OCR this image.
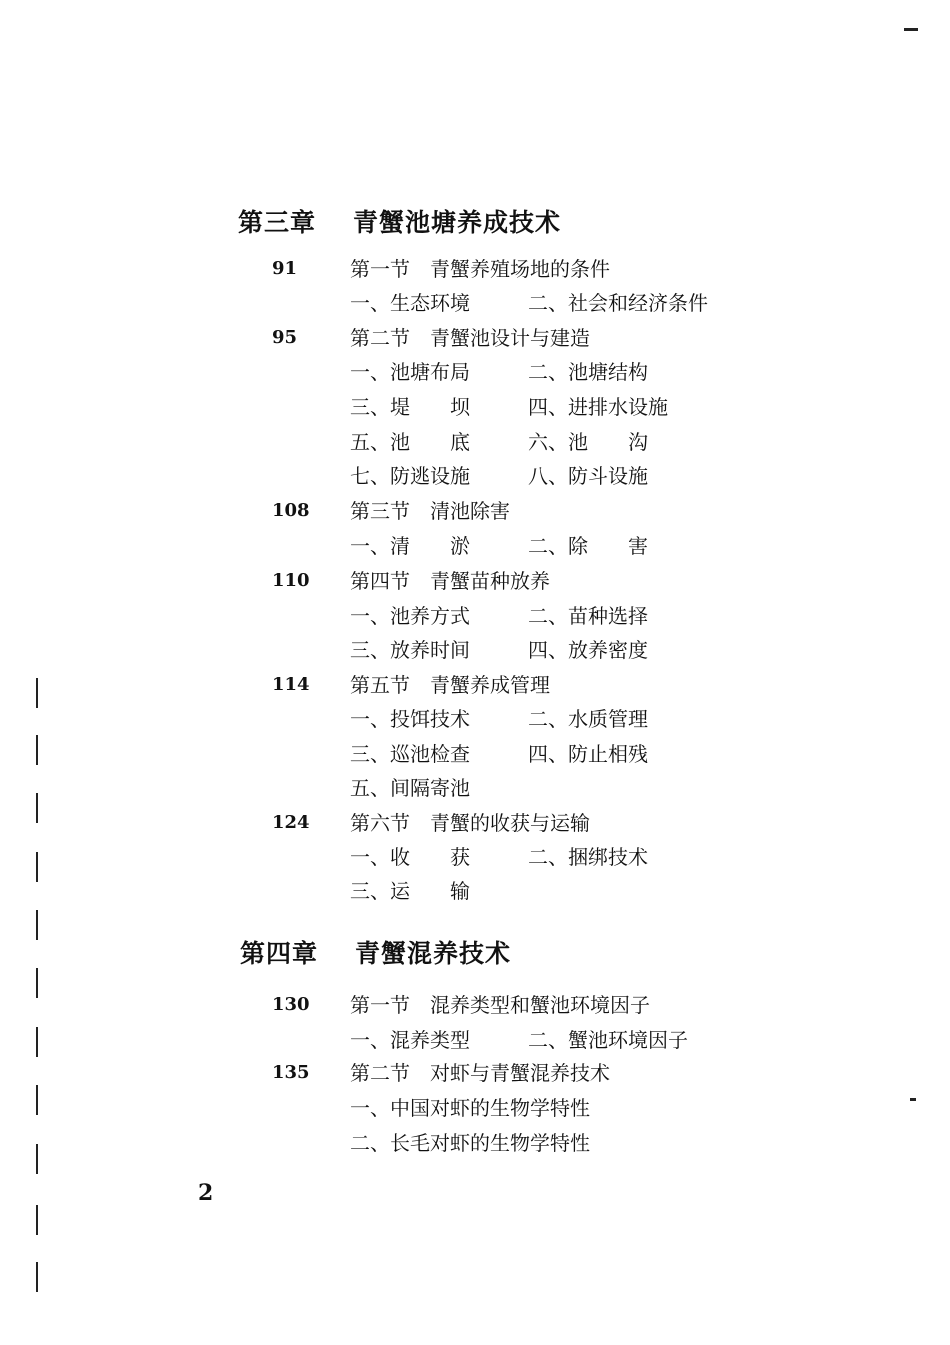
第三章 青蟹池塘养成技术
91	第一节　青蟹养殖场地的条件
一、生态环境	二、社会和经济条件
95	第二节　青蟹池设计与建造
一、池塘布局	二、池塘结构
三、堤　　坝	四、进排水设施
五、池　　底	六、池　　沟
七、防逃设施	八、防斗设施
108	第三节　清池除害
一、清　　淤	二、除　　害
110	第四节　青蟹苗种放养
一、池养方式	二、苗种选择
三、放养时间	四、放养密度
114	第五节　青蟹养成管理
一、投饵技术	二、水质管理
三、巡池检查	四、防止相残
五、间隔寄池
124	第六节　青蟹的收获与运输
一、收　　获	二、捆绑技术
三、运　　输
第四章 青蟹混养技术
130	第一节　混养类型和蟹池环境因子
一、混养类型	二、蟹池环境因子
135	第二节　对虾与青蟹混养技术
一、中国对虾的生物学特性
二、长毛对虾的生物学特性
2
